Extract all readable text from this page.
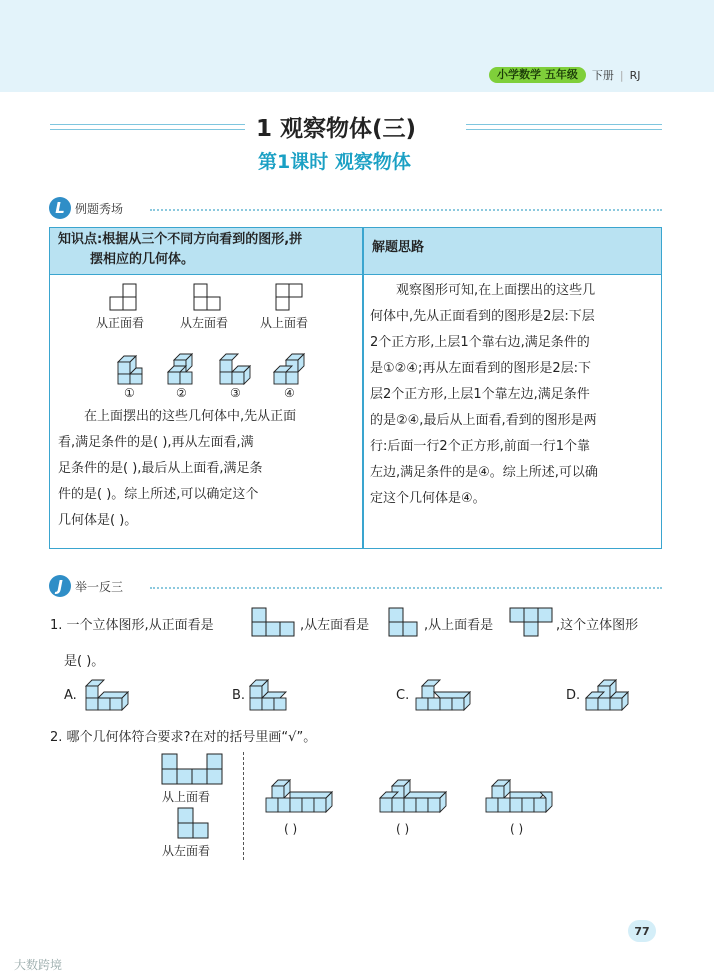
小学数学 五年级	下册 | RJ
1 观察物体(三)
第1课时 观察物体
L 例题秀场
知识点:根据从三个不同方向看到的图形,拼
摆相应的几何体。
解题思路
从正面看	从左面看	从上面看
①	②	③	④
在上面摆出的这些几何体中,先从正面
看,满足条件的是( ),再从左面看,满
足条件的是( ),最后从上面看,满足条
件的是( )。综上所述,可以确定这个
几何体是( )。
观察图形可知,在上面摆出的这些几
何体中,先从正面看到的图形是2层:下层
2个正方形,上层1个靠右边,满足条件的
是①②④;再从左面看到的图形是2层:下
层2个正方形,上层1个靠左边,满足条件
的是②④,最后从上面看,看到的图形是两
行:后面一行2个正方形,前面一行1个靠
左边,满足条件的是④。综上所述,可以确
定这个几何体是④。
J	举一反三
1. 一个立体图形,从正面看是	,从左面看是	,从上面看是	,这个立体图形
是( )。
A.	B.	C.	D.
2. 哪个几何体符合要求?在对的括号里画“√”。
从上面看
从左面看
( )	( )	( )
77
大数跨境
